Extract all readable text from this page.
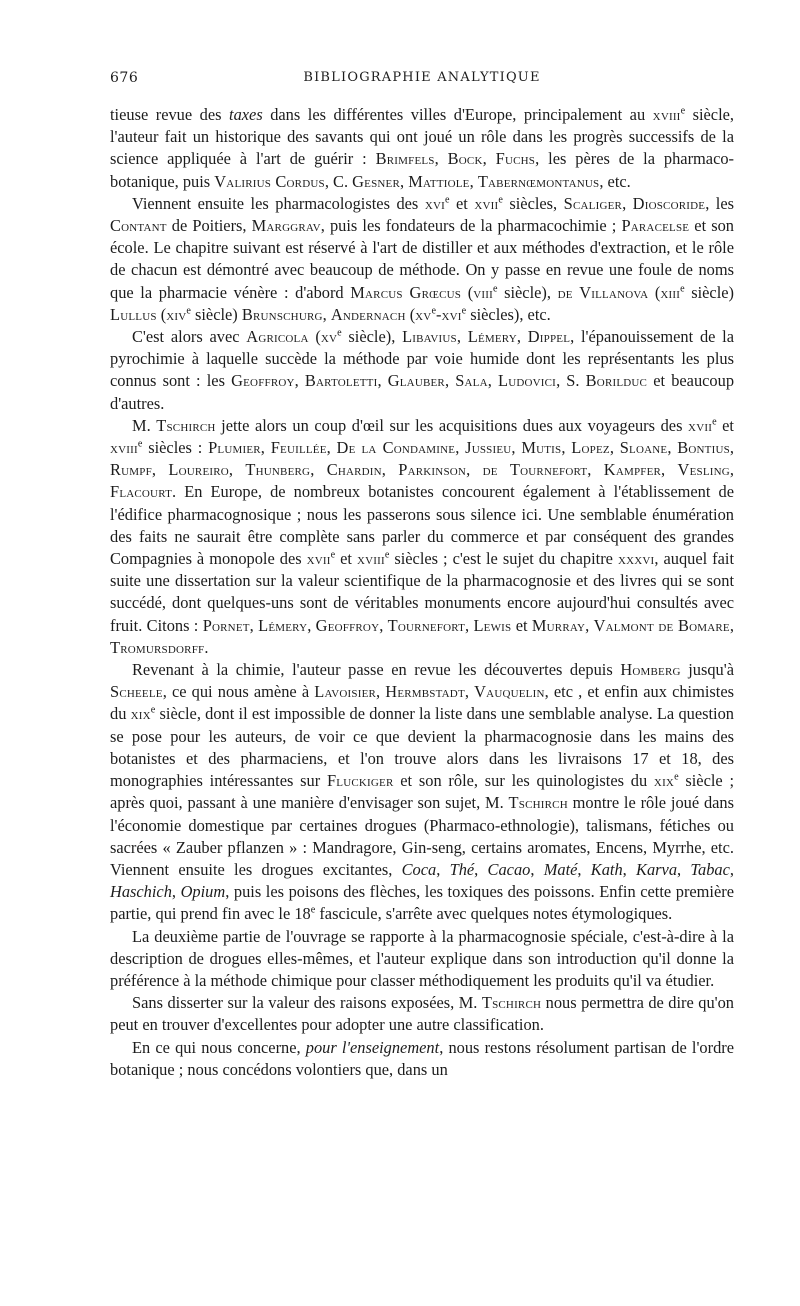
676	BIBLIOGRAPHIE ANALYTIQUE

tieuse revue des taxes dans les différentes villes d'Europe, principalement au xviii$^e$ siècle, l'auteur fait un historique des savants qui ont joué un rôle dans les progrès successifs de la science appliquée à l'art de guérir : Brimfels, Bock, Fuchs, les pères de la pharmaco-botanique, puis Valirius Cordus, C. Gesner, Mattiole, Tabernœmontanus, etc.

Viennent ensuite les pharmacologistes des xvi$^e$ et xvii$^e$ siècles, Scaliger, Dioscoride, les Contant de Poitiers, Marggrav, puis les fondateurs de la pharmacochimie ; Paracelse et son école. Le chapitre suivant est réservé à l'art de distiller et aux méthodes d'extraction, et le rôle de chacun est démontré avec beaucoup de méthode. On y passe en revue une foule de noms que la pharmacie vénère : d'abord Marcus Grœcus (viii$^e$ siècle), de Villanova (xiii$^e$ siècle) Lullus (xiv$^e$ siècle) Brunschurg, Andernach ($xv^e-xvi^e$ siècles), etc.

C'est alors avec Agricola ($xv^e$ siècle), Libavius, Lémery, Dippel, l'épanouissement de la pyrochimie à laquelle succède la méthode par voie humide dont les représentants les plus connus sont : les Geoffroy, Bartoletti, Glauber, Sala, Ludovici, S. Borilduc et beaucoup d'autres.

M. Tschirch jette alors un coup d'œil sur les acquisitions dues aux voyageurs des xvii$^e$ et xviii$^e$ siècles : Plumier, Feuillée, De la Condamine, Jussieu, Mutis, Lopez, Sloane, Bontius, Rumpf, Loureiro, Thunberg, Chardin, Parkinson, de Tournefort, Kampfer, Vesling, Flacourt. En Europe, de nombreux botanistes concourent également à l'établissement de l'édifice pharmacognosique ; nous les passerons sous silence ici. Une semblable énumération des faits ne saurait être complète sans parler du commerce et par conséquent des grandes Compagnies à monopole des xvii$^e$ et xviii$^e$ siècles ; c'est le sujet du chapitre xxxvi, auquel fait suite une dissertation sur la valeur scientifique de la pharmacognosie et des livres qui se sont succédé, dont quelques-uns sont de véritables monuments encore aujourd'hui consultés avec fruit. Citons : Pornet, Lémery, Geoffroy, Tournefort, Lewis et Murray, Valmont de Bomare, Tromursdorff.

Revenant à la chimie, l'auteur passe en revue les découvertes depuis Homberg jusqu'à Scheele, ce qui nous amène à Lavoisier, Hermbstadt, Vauquelin, etc , et enfin aux chimistes du xix$^e$ siècle, dont il est impossible de donner la liste dans une semblable analyse. La question se pose pour les auteurs, de voir ce que devient la pharmacognosie dans les mains des botanistes et des pharmaciens, et l'on trouve alors dans les livraisons 17 et 18, des monographies intéressantes sur Fluckiger et son rôle, sur les quinologistes du xix$^e$ siècle ; après quoi, passant à une manière d'envisager son sujet, M. Tschirch montre le rôle joué dans l'économie domestique par certaines drogues (Pharmaco-ethnologie), talismans, fétiches ou sacrées « Zauber pflanzen » : Mandragore, Gin-seng, certains aromates, Encens, Myrrhe, etc. Viennent ensuite les drogues excitantes, Coca, Thé, Cacao, Maté, Kath, Karva, Tabac, Haschich, Opium, puis les poisons des flèches, les toxiques des poissons. Enfin cette première partie, qui prend fin avec le 18e fascicule, s'arrête avec quelques notes étymologiques.

La deuxième partie de l'ouvrage se rapporte à la pharmacognosie spéciale, c'est-à-dire à la description de drogues elles-mêmes, et l'auteur explique dans son introduction qu'il donne la préférence à la méthode chimique pour classer méthodiquement les produits qu'il va étudier.

Sans disserter sur la valeur des raisons exposées, M. Tschirch nous permettra de dire qu'on peut en trouver d'excellentes pour adopter une autre classification.

En ce qui nous concerne, pour l'enseignement, nous restons résolument partisan de l'ordre botanique ; nous concédons volontiers que, dans un
